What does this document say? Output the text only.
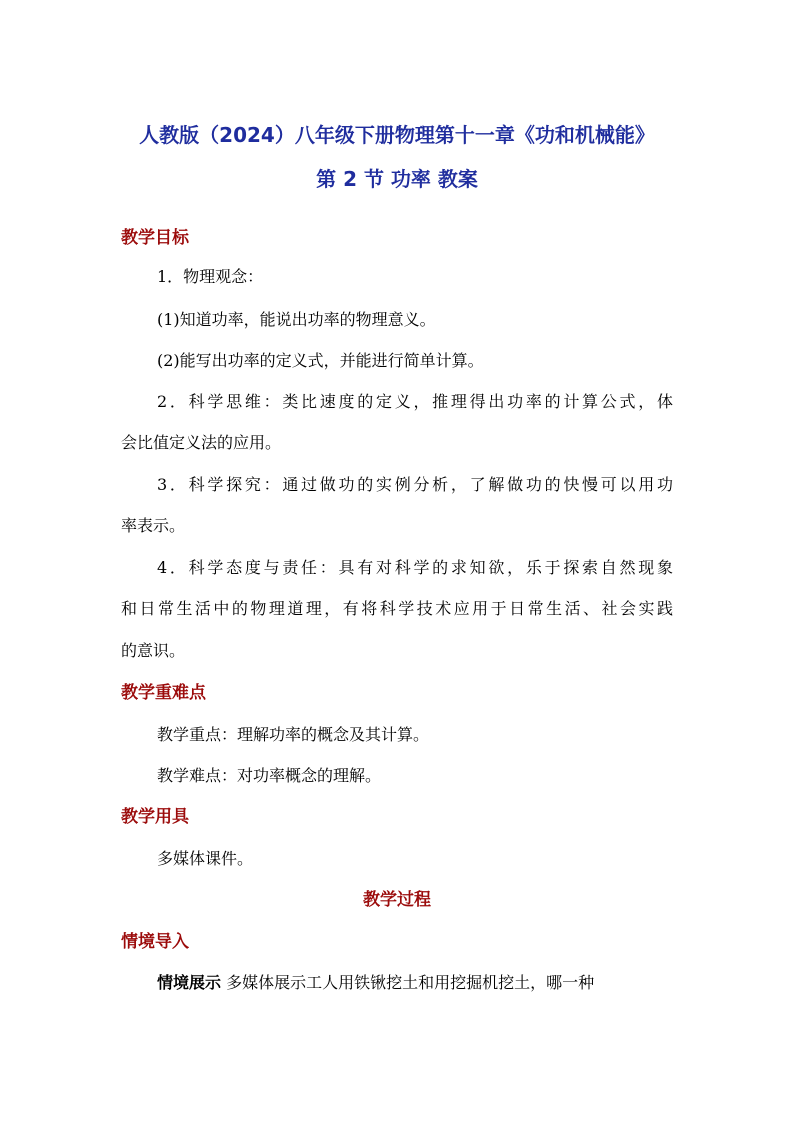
人教版（2024）八年级下册物理第十一章《功和机械能》
第 2 节 功率 教案
教学目标
1．物理观念：
(1)知道功率，能说出功率的物理意义。
(2)能写出功率的定义式，并能进行简单计算。
2．科学思维：类比速度的定义，推理得出功率的计算公式，体
会比值定义法的应用。
3．科学探究：通过做功的实例分析，了解做功的快慢可以用功
率表示。
4．科学态度与责任：具有对科学的求知欲，乐于探索自然现象
和日常生活中的物理道理，有将科学技术应用于日常生活、社会实践
的意识。
教学重难点
教学重点：理解功率的概念及其计算。
教学难点：对功率概念的理解。
教学用具
多媒体课件。
教学过程
情境导入
情境展示 多媒体展示工人用铁锹挖土和用挖掘机挖土，哪一种
